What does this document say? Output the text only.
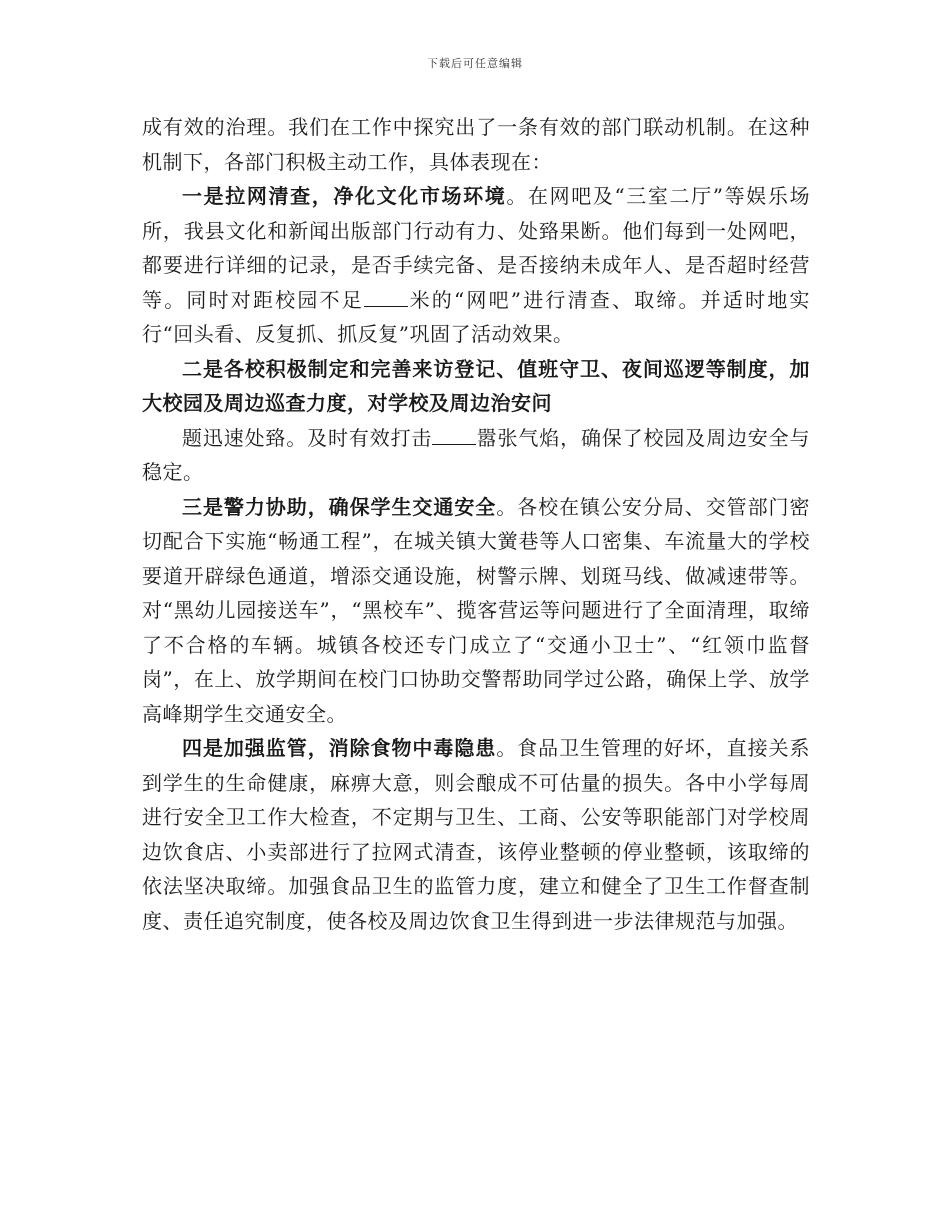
下载后可任意编辑

成有效的治理。我们在工作中探究出了一条有效的部门联动机制。在这种机制下，各部门积极主动工作，具体表现在：

一是拉网清查，净化文化市场环境。在网吧及“三室二厅”等娱乐场所，我县文化和新闻出版部门行动有力、处臵果断。他们每到一处网吧，都要进行详细的记录，是否手续完备、是否接纳未成年人、是否超时经营等。同时对距校园不足 米的“网吧”进行清查、取缔。并适时地实行“回头看、反复抓、抓反复”巩固了活动效果。

二是各校积极制定和完善来访登记、值班守卫、夜间巡逻等制度，加大校园及周边巡查力度，对学校及周边治安问

题迅速处臵。及时有效打击 嚣张气焰，确保了校园及周边安全与稳定。

三是警力协助，确保学生交通安全。各校在镇公安分局、交管部门密切配合下实施“畅通工程”，在城关镇大黉巷等人口密集、车流量大的学校要道开辟绿色通道，增添交通设施，树警示牌、划斑马线、做减速带等。对“黑幼儿园接送车”，“黑校车”、揽客营运等问题进行了全面清理，取缔了不合格的车辆。城镇各校还专门成立了“交通小卫士”、“红领巾监督岗”，在上、放学期间在校门口协助交警帮助同学过公路，确保上学、放学高峰期学生交通安全。

四是加强监管，消除食物中毒隐患。食品卫生管理的好坏，直接关系到学生的生命健康，麻痹大意，则会酿成不可估量的损失。各中小学每周进行安全卫工作大检查，不定期与卫生、工商、公安等职能部门对学校周边饮食店、小卖部进行了拉网式清查，该停业整顿的停业整顿，该取缔的依法坚决取缔。加强食品卫生的监管力度，建立和健全了卫生工作督查制度、责任追究制度，使各校及周边饮食卫生得到进一步法律规范与加强。
